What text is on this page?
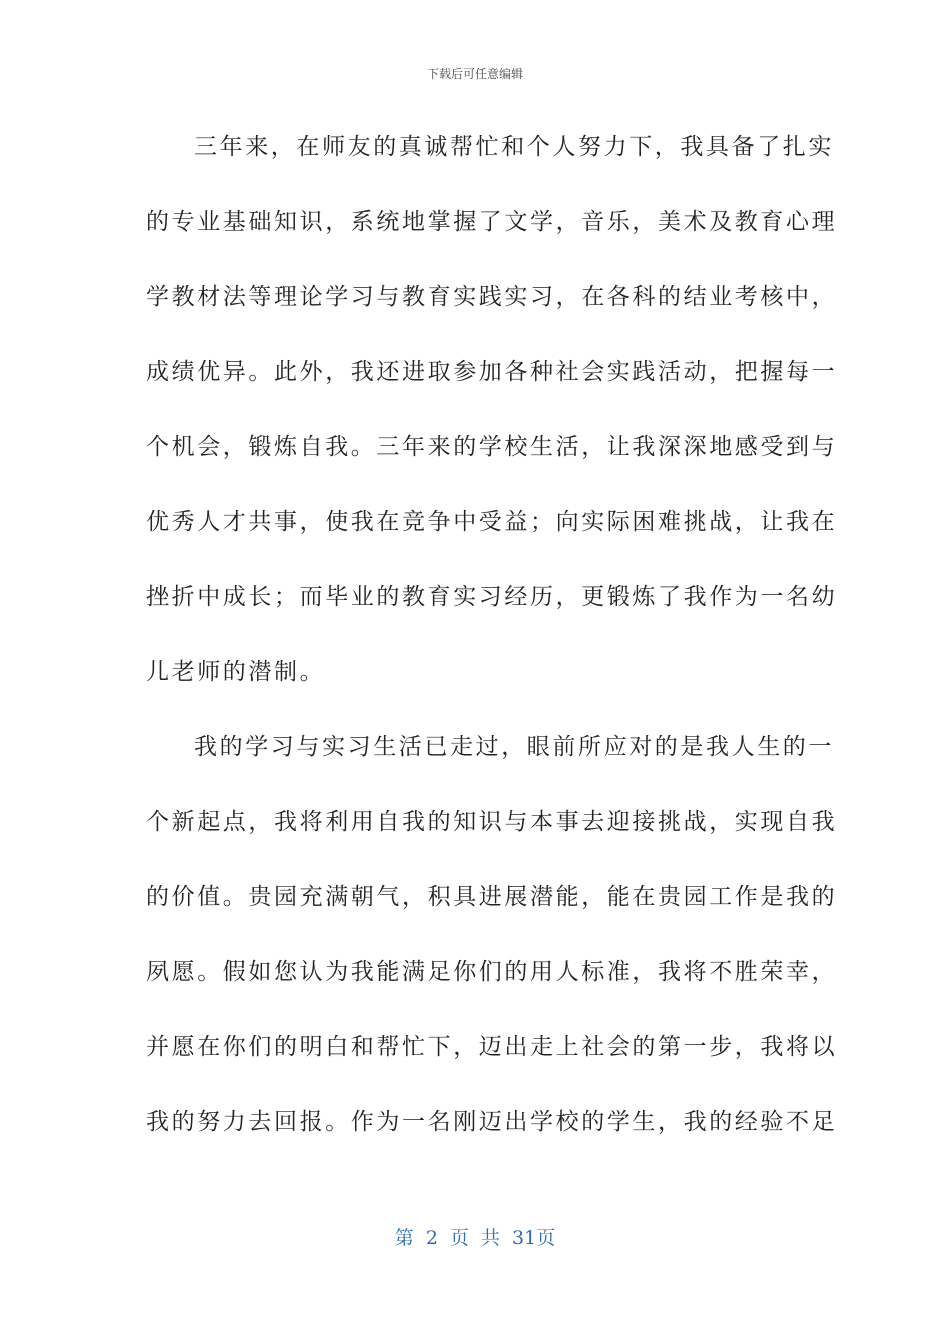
下载后可任意编辑
三年来，在师友的真诚帮忙和个人努力下，我具备了扎实
的专业基础知识，系统地掌握了文学，音乐，美术及教育心理
学教材法等理论学习与教育实践实习，在各科的结业考核中，
成绩优异。此外，我还进取参加各种社会实践活动，把握每一
个机会，锻炼自我。三年来的学校生活，让我深深地感受到与
优秀人才共事，使我在竞争中受益；向实际困难挑战，让我在
挫折中成长；而毕业的教育实习经历，更锻炼了我作为一名幼
儿老师的潜制。
我的学习与实习生活已走过，眼前所应对的是我人生的一
个新起点，我将利用自我的知识与本事去迎接挑战，实现自我
的价值。贵园充满朝气，积具进展潜能，能在贵园工作是我的
夙愿。假如您认为我能满足你们的用人标准，我将不胜荣幸，
并愿在你们的明白和帮忙下，迈出走上社会的第一步，我将以
我的努力去回报。作为一名刚迈出学校的学生，我的经验不足
第 2 页 共 31页
